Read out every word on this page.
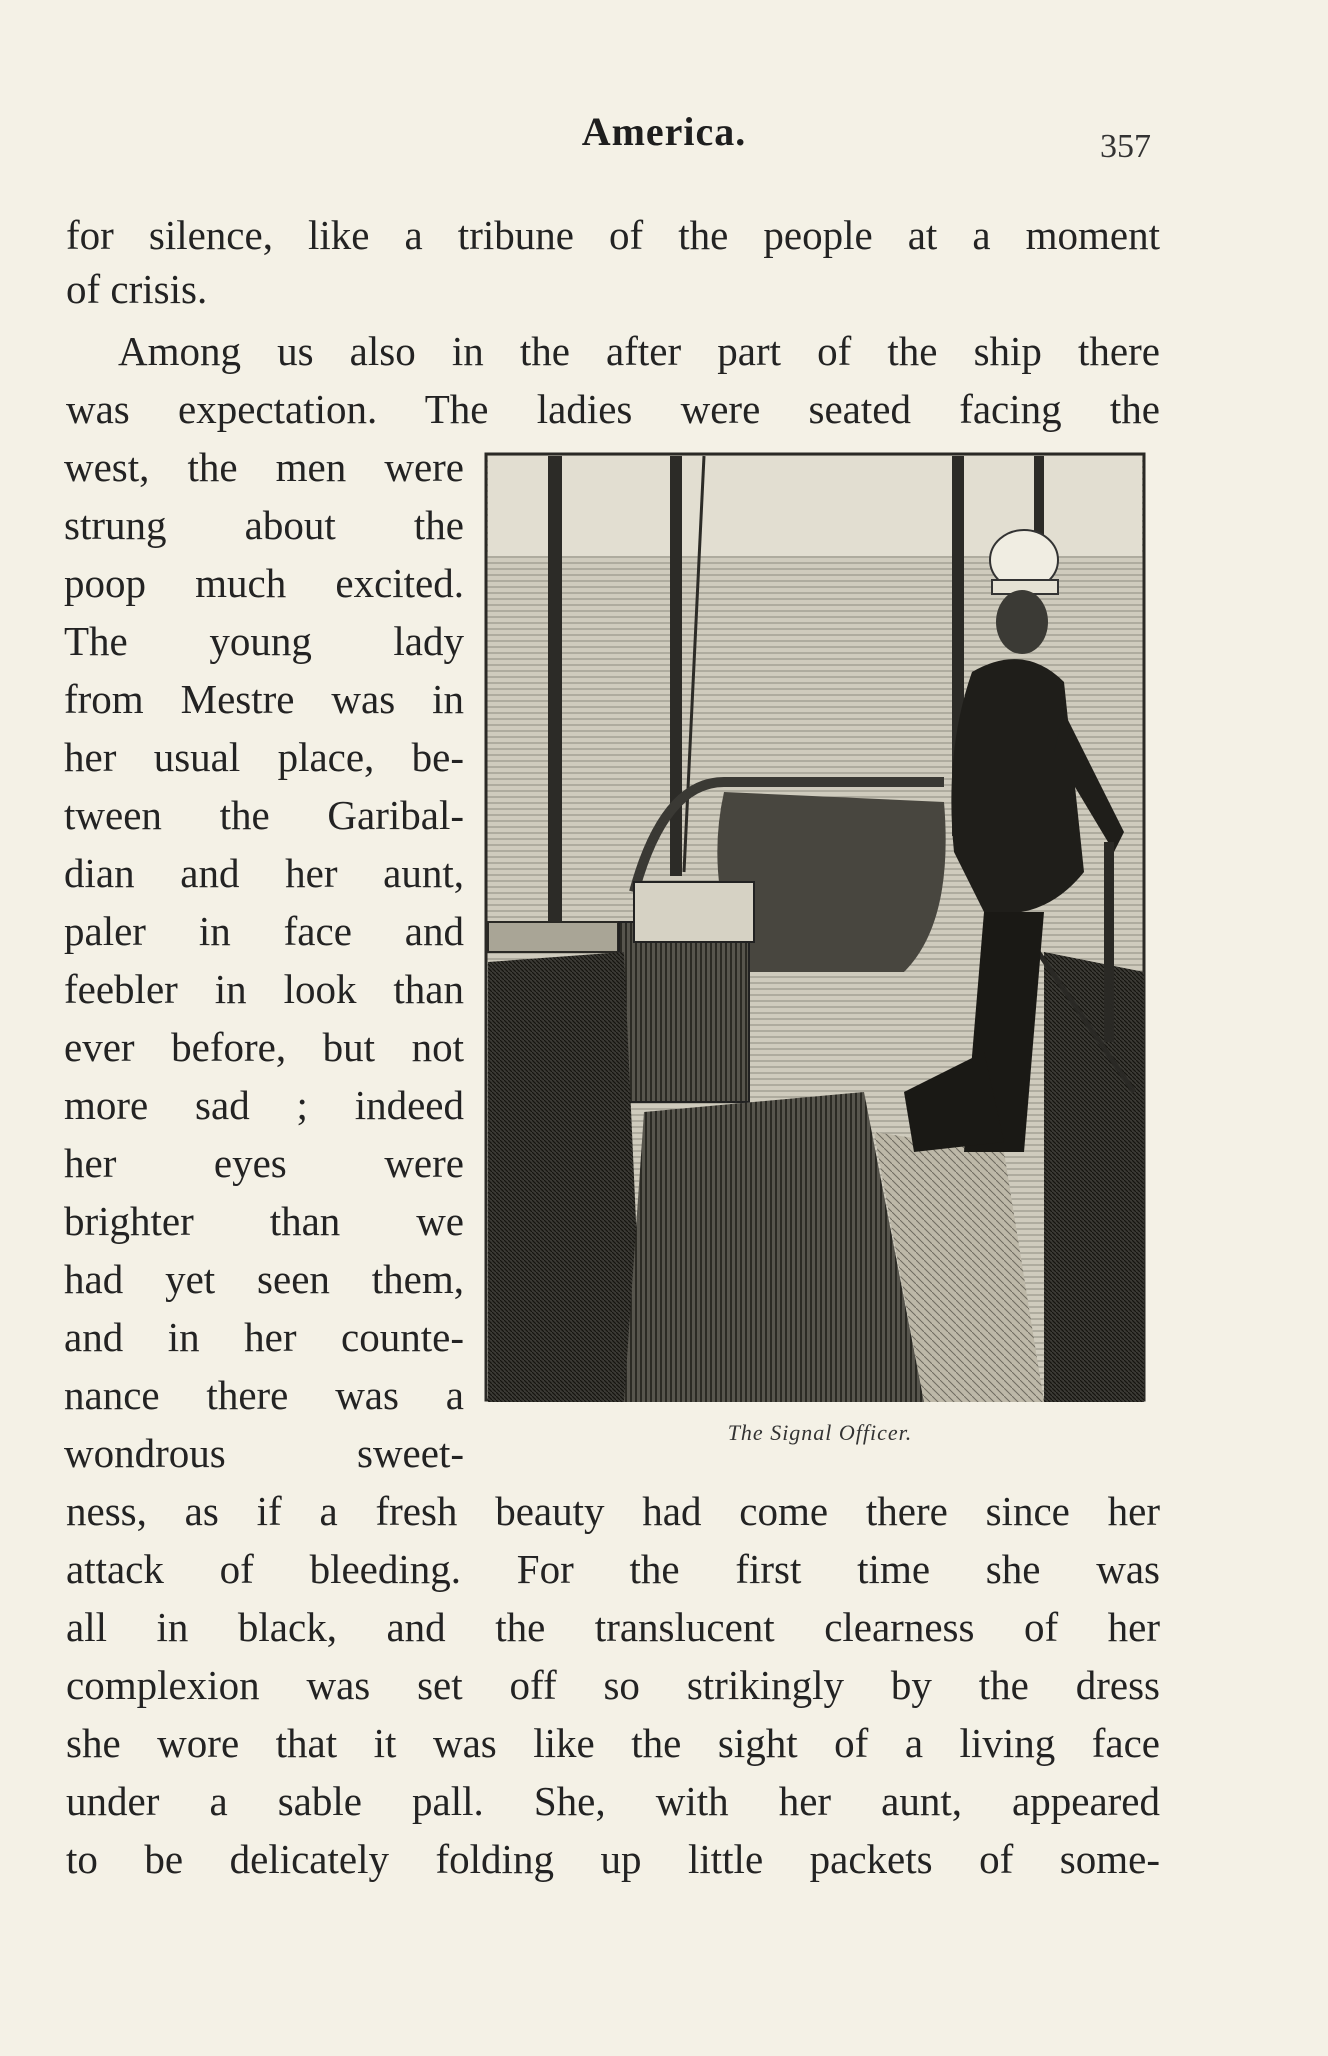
America.	357
for silence, like a tribune of the people at a moment
of crisis.
Among us also in the after part of the ship there
was expectation. The ladies were seated facing the
west, the men were
strung about the
poop much excited.
The young lady
from Mestre was in
her usual place, be-
tween the Garibal-
dian and her aunt,
paler in face and
feebler in look than
ever before, but not
more sad ; indeed
her eyes were
brighter than we
had yet seen them,
and in her counte-
nance there was a
wondrous sweet-	The Signal Officer.
ness, as if a fresh beauty had come there since her
attack of bleeding. For the first time she was
all in black, and the translucent clearness of her
complexion was set off so strikingly by the dress
she wore that it was like the sight of a living face
under a sable pall. She, with her aunt, appeared
to be delicately folding up little packets of some-
